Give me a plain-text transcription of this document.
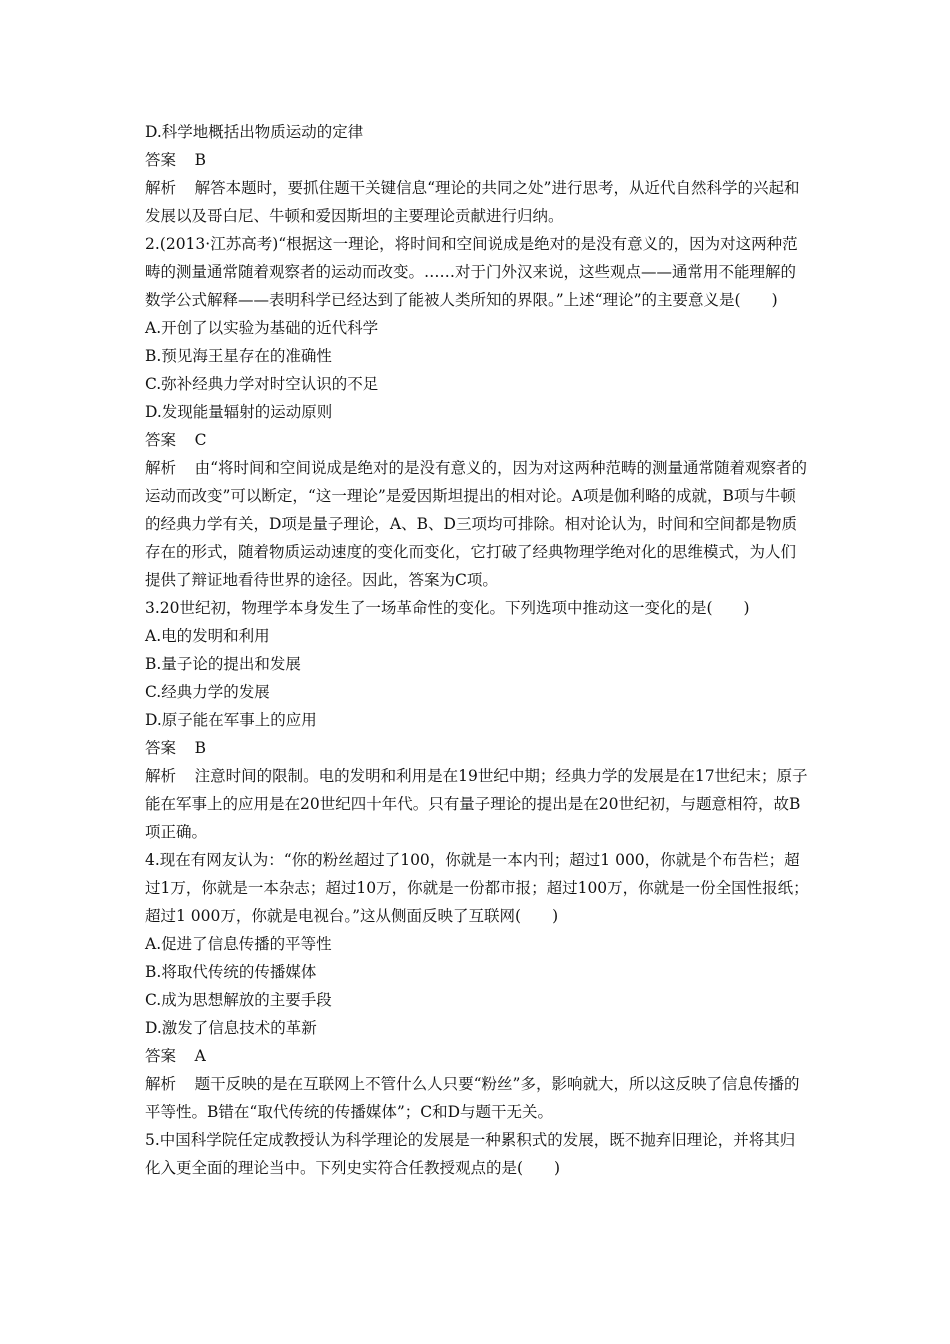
D.科学地概括出物质运动的定律

答案 B

解析 解答本题时，要抓住题干关键信息“理论的共同之处”进行思考，从近代自然科学的兴起和发展以及哥白尼、牛顿和爱因斯坦的主要理论贡献进行归纳。

2.(2013·江苏高考)“根据这一理论，将时间和空间说成是绝对的是没有意义的，因为对这两种范畴的测量通常随着观察者的运动而改变。……对于门外汉来说，这些观点——通常用不能理解的数学公式解释——表明科学已经达到了能被人类所知的界限。”上述“理论”的主要意义是(　　)

A.开创了以实验为基础的近代科学

B.预见海王星存在的准确性

C.弥补经典力学对时空认识的不足

D.发现能量辐射的运动原则

答案 C

解析 由“将时间和空间说成是绝对的是没有意义的，因为对这两种范畴的测量通常随着观察者的运动而改变”可以断定，“这一理论”是爱因斯坦提出的相对论。A项是伽利略的成就，B项与牛顿的经典力学有关，D项是量子理论，A、B、D三项均可排除。相对论认为，时间和空间都是物质存在的形式，随着物质运动速度的变化而变化，它打破了经典物理学绝对化的思维模式，为人们提供了辩证地看待世界的途径。因此，答案为C项。

3.20世纪初，物理学本身发生了一场革命性的变化。下列选项中推动这一变化的是(　　)

A.电的发明和利用

B.量子论的提出和发展

C.经典力学的发展

D.原子能在军事上的应用

答案 B

解析 注意时间的限制。电的发明和利用是在19世纪中期；经典力学的发展是在17世纪末；原子能在军事上的应用是在20世纪四十年代。只有量子理论的提出是在20世纪初，与题意相符，故B项正确。

4.现在有网友认为：“你的粉丝超过了100，你就是一本内刊；超过1 000，你就是个布告栏；超过1万，你就是一本杂志；超过10万，你就是一份都市报；超过100万，你就是一份全国性报纸；超过1 000万，你就是电视台。”这从侧面反映了互联网(　　)

A.促进了信息传播的平等性

B.将取代传统的传播媒体

C.成为思想解放的主要手段

D.激发了信息技术的革新

答案 A

解析 题干反映的是在互联网上不管什么人只要“粉丝”多，影响就大，所以这反映了信息传播的平等性。B错在“取代传统的传播媒体”；C和D与题干无关。

5.中国科学院任定成教授认为科学理论的发展是一种累积式的发展，既不抛弃旧理论，并将其归化入更全面的理论当中。下列史实符合任教授观点的是(　　)
